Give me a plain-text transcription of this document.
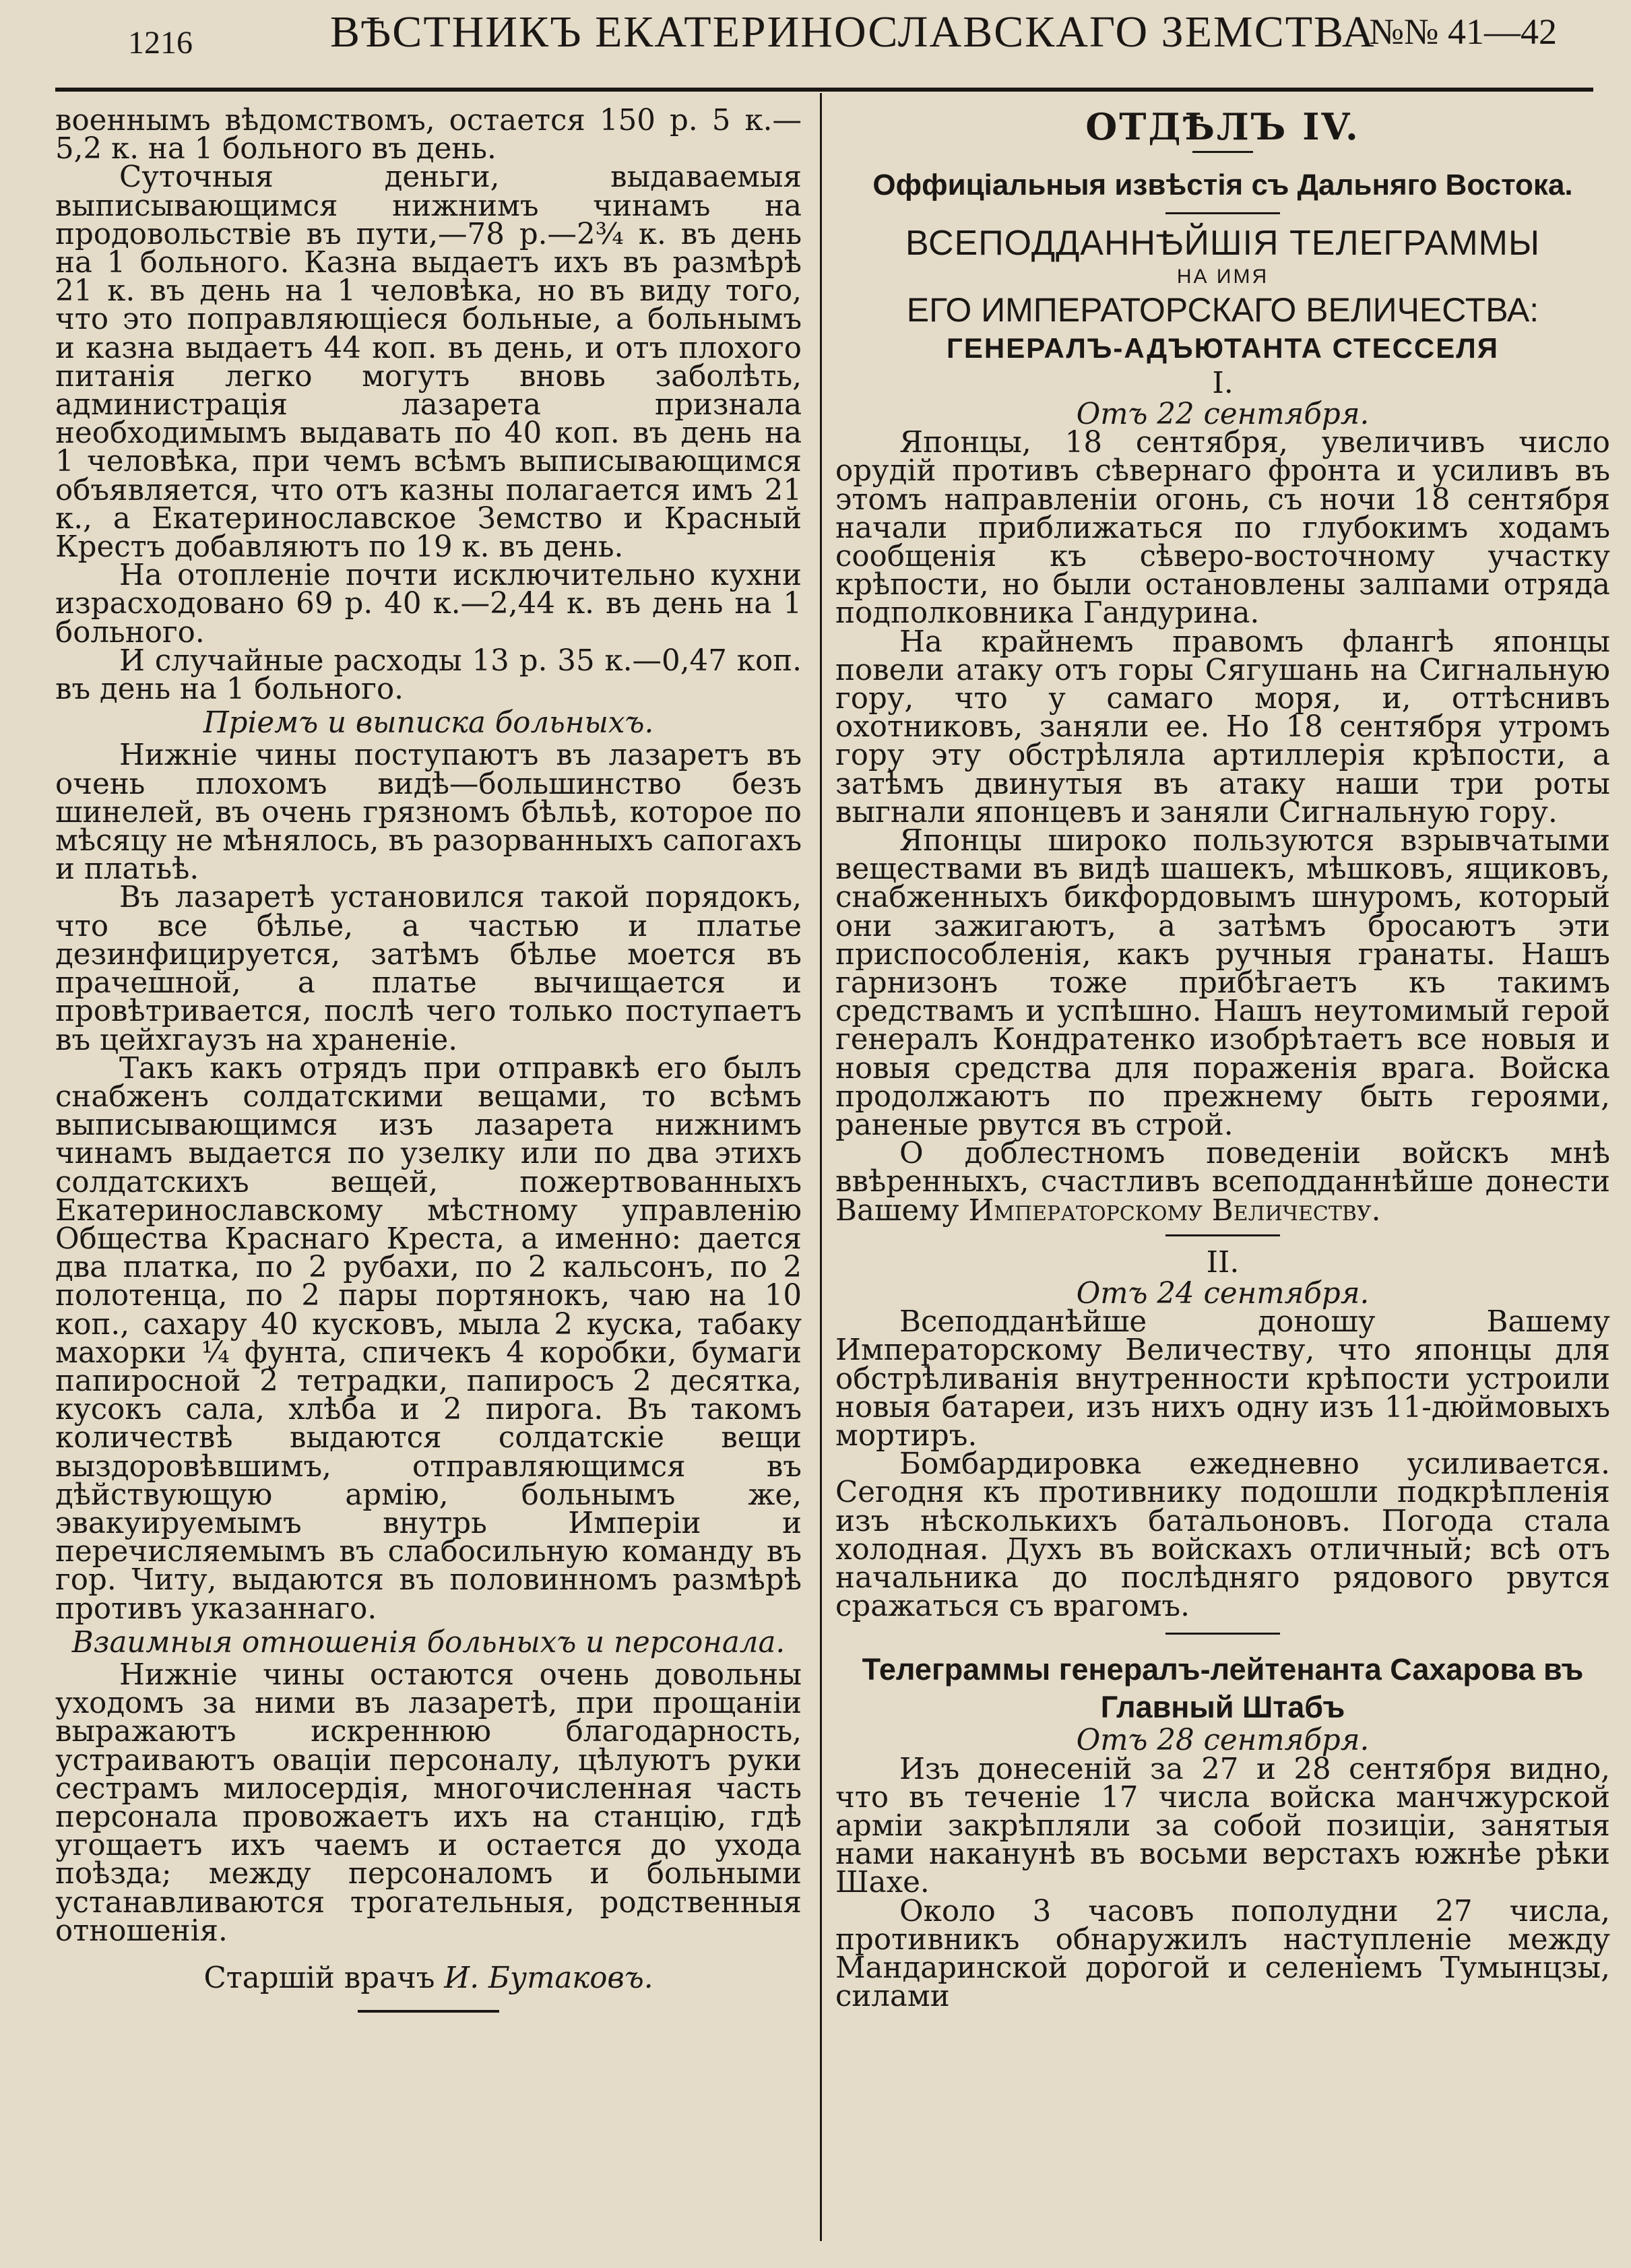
1216	ВѢСТНИКЪ ЕКАТЕРИНОСЛАВСКАГО ЗЕМСТВА
№№ 41—42

военнымъ вѣдомствомъ, остается 150 р. 5 к.—5,2 к. на 1 больного въ день.

Суточныя деньги, выдаваемыя выписывающимся нижнимъ чинамъ на продовольствіе въ пути,—78 р.—2¾ к. въ день на 1 больного. Казна выдаетъ ихъ въ размѣрѣ 21 к. въ день на 1 человѣка, но въ виду того, что это поправляющіеся больные, а больнымъ и казна выдаетъ 44 коп. въ день, и отъ плохого питанія легко могутъ вновь заболѣть, администрація лазарета признала необходимымъ выдавать по 40 коп. въ день на 1 человѣка, при чемъ всѣмъ выписывающимся объявляется, что отъ казны полагается имъ 21 к., а Екатеринославское Земство и Красный Крестъ добавляютъ по 19 к. въ день.

На отопленіе почти исключительно кухни израсходовано 69 р. 40 к.—2,44 к. въ день на 1 больного.

И случайные расходы 13 р. 35 к.—0,47 коп. въ день на 1 больного.

Пріемъ и выписка больныхъ.

Нижніе чины поступаютъ въ лазаретъ въ очень плохомъ видѣ—большинство безъ шинелей, въ очень грязномъ бѣльѣ, которое по мѣсяцу не мѣнялось, въ разорванныхъ сапогахъ и платьѣ.

Въ лазаретѣ установился такой порядокъ, что все бѣлье, а частью и платье дезинфицируется, затѣмъ бѣлье моется въ прачешной, а платье вычищается и провѣтривается, послѣ чего только поступаетъ въ цейхгаузъ на храненіе.

Такъ какъ отрядъ при отправкѣ его былъ снабженъ солдатскими вещами, то всѣмъ выписывающимся изъ лазарета нижнимъ чинамъ выдается по узелку или по два этихъ солдатскихъ вещей, пожертвованныхъ Екатеринославскому мѣстному управленію Общества Краснаго Креста, а именно: дается два платка, по 2 рубахи, по 2 кальсонъ, по 2 полотенца, по 2 пары портянокъ, чаю на 10 коп., сахару 40 кусковъ, мыла 2 куска, табаку махорки ¼ фунта, спичекъ 4 коробки, бумаги папиросной 2 тетрадки, папиросъ 2 десятка, кусокъ сала, хлѣба и 2 пирога. Въ такомъ количествѣ выдаются солдатскіе вещи выздоровѣвшимъ, отправляющимся въ дѣйствующую армію, больнымъ же, эвакуируемымъ внутрь Имперіи и перечисляемымъ въ слабосильную команду въ гор. Читу, выдаются въ половинномъ размѣрѣ противъ указаннаго.

Взаимныя отношенія больныхъ и персонала.

Нижніе чины остаются очень довольны уходомъ за ними въ лазаретѣ, при прощаніи выражаютъ искреннюю благодарность, устраиваютъ оваціи персоналу, цѣлуютъ руки сестрамъ милосердія, многочисленная часть персонала провожаетъ ихъ на станцію, гдѣ угощаетъ ихъ чаемъ и остается до ухода поѣзда; между персоналомъ и больными устанавливаются трогательныя, родственныя отношенія.

Старшій врачъ И. Бутаковъ.
ОТДѢЛЪ IV.
Оффиціальныя извѣстія съ Дальняго Востока.
ВСЕПОДДАННѢЙШІЯ ТЕЛЕГРАММЫ
НА ИМЯ
ЕГО ИМПЕРАТОРСКАГО ВЕЛИЧЕСТВА:
ГЕНЕРАЛЪ-АДЪЮТАНТА СТЕССЕЛЯ
I.
Отъ 22 сентября.

Японцы, 18 сентября, увеличивъ число орудій противъ сѣвернаго фронта и усиливъ въ этомъ направленіи огонь, съ ночи 18 сентября начали приближаться по глубокимъ ходамъ сообщенія къ сѣверо-восточному участку крѣпости, но были остановлены залпами отряда подполковника Гандурина.

На крайнемъ правомъ флангѣ японцы повели атаку отъ горы Сягушань на Сигнальную гору, что у самаго моря, и, оттѣснивъ охотниковъ, заняли ее. Но 18 сентября утромъ гору эту обстрѣляла артиллерія крѣпости, а затѣмъ двинутыя въ атаку наши три роты выгнали японцевъ и заняли Сигнальную гору.

Японцы широко пользуются взрывчатыми веществами въ видѣ шашекъ, мѣшковъ, ящиковъ, снабженныхъ бикфордовымъ шнуромъ, который они зажигаютъ, а затѣмъ бросаютъ эти приспособленія, какъ ручныя гранаты. Нашъ гарнизонъ тоже прибѣгаетъ къ такимъ средствамъ и успѣшно. Нашъ неутомимый герой генералъ Кондратенко изобрѣтаетъ все новыя и новыя средства для пораженія врага. Войска продолжаютъ по прежнему быть героями, раненые рвутся въ строй.

О доблестномъ поведеніи войскъ мнѣ ввѣренныхъ, счастливъ всеподданнѣйше донести Вашему Императорскому Величеству.

II.
Отъ 24 сентября.

Всеподданѣйше доношу Вашему Императорскому Величеству, что японцы для обстрѣливанія внутренности крѣпости устроили новыя батареи, изъ нихъ одну изъ 11-дюймовыхъ мортиръ.

Бомбардировка ежедневно усиливается. Сегодня къ противнику подошли подкрѣпленія изъ нѣсколькихъ батальоновъ. Погода стала холодная. Духъ въ войскахъ отличный; всѣ отъ начальника до послѣдняго рядового рвутся сражаться съ врагомъ.

Телеграммы генералъ-лейтенанта Сахарова въ Главный Штабъ
Отъ 28 сентября.

Изъ донесеній за 27 и 28 сентября видно, что въ теченіе 17 числа войска манчжурской арміи закрѣпляли за собой позиціи, занятыя нами наканунѣ въ восьми верстахъ южнѣе рѣки Шахе.

Около 3 часовъ пополудни 27 числа, противникъ обнаружилъ наступленіе между Мандаринской дорогой и селеніемъ Тумынцзы, силами
